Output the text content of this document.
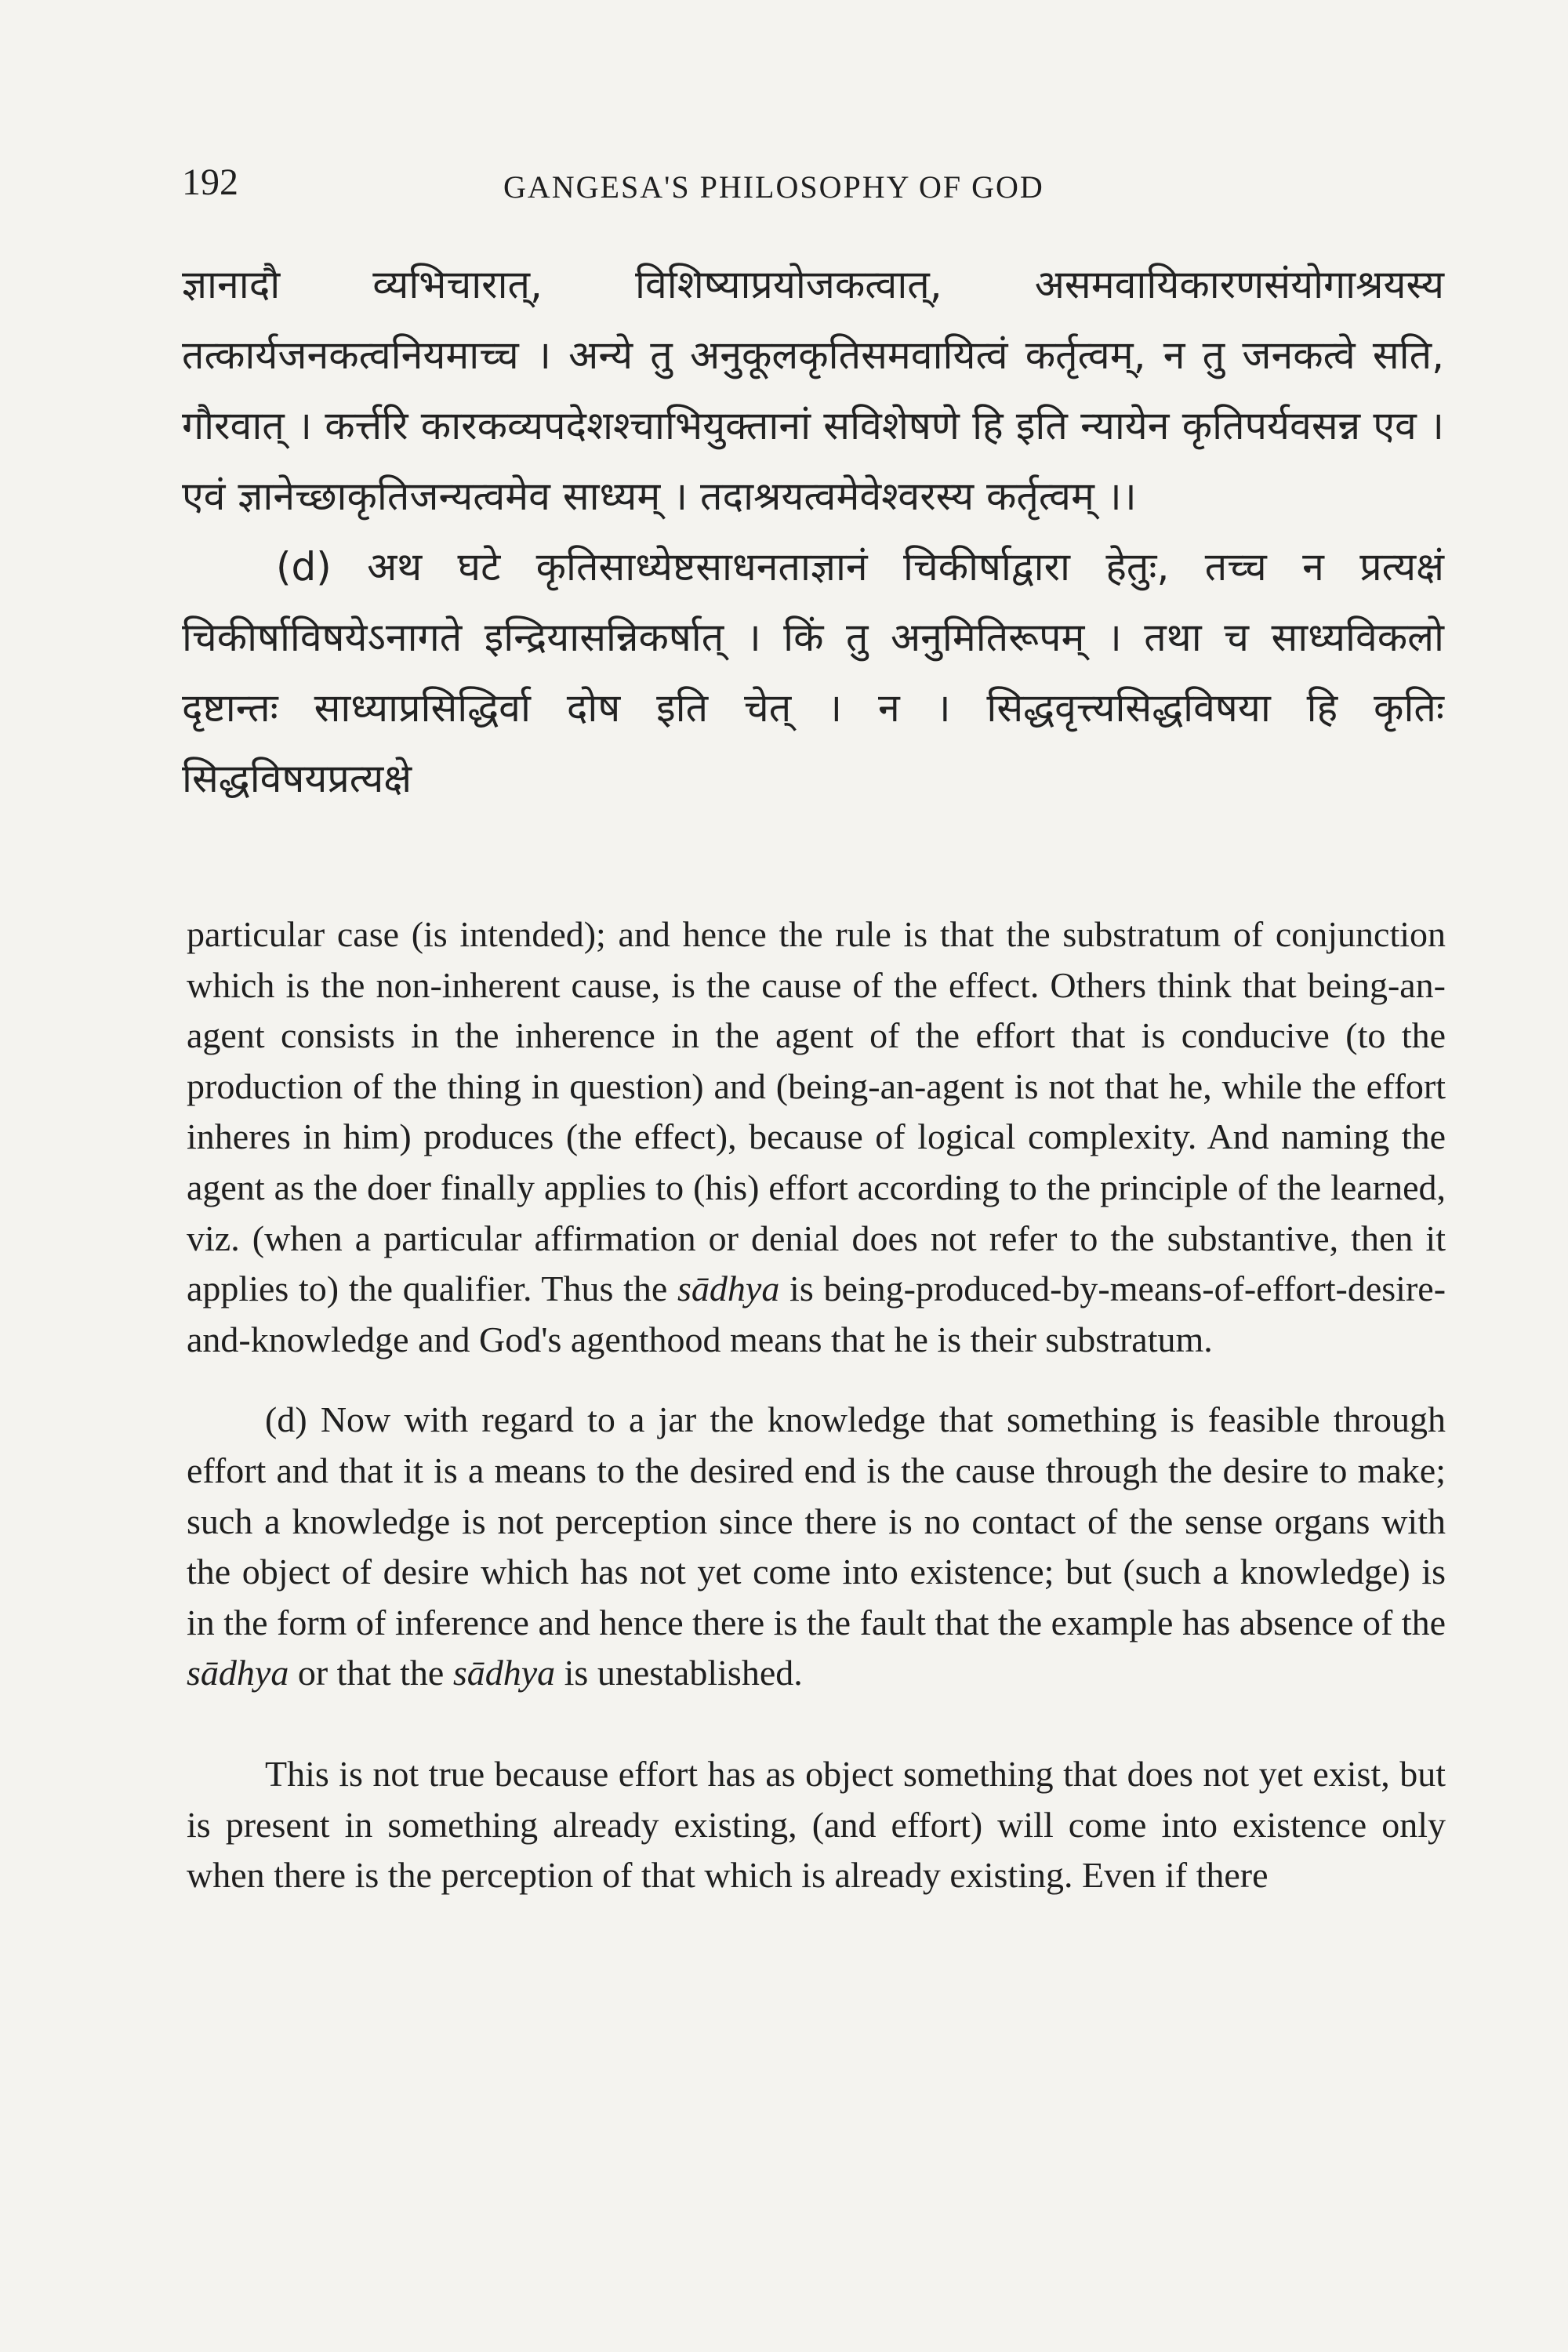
192	GANGESA'S PHILOSOPHY OF GOD

ज्ञानादौ व्यभिचारात्, विशिष्याप्रयोजकत्वात्, असमवायिकारणसंयोगाश्रयस्य तत्कार्यजनकत्वनियमाच्च । अन्ये तु अनुकूलकृतिसमवायित्वं कर्तृत्वम्, न तु जनकत्वे सति, गौरवात् । कर्त्तरि कारकव्यपदेशश्चाभियुक्तानां सविशेषणे हि इति न्यायेन कृतिपर्यवसन्न एव । एवं ज्ञानेच्छाकृतिजन्यत्वमेव साध्यम् । तदाश्रयत्वमेवेश्वरस्य कर्तृत्वम् ।।

(d) अथ घटे कृतिसाध्येष्टसाधनताज्ञानं चिकीर्षाद्वारा हेतुः, तच्च न प्रत्यक्षं चिकीर्षाविषयेऽनागते इन्द्रियासन्निकर्षात् । किं तु अनुमितिरूपम् । तथा च साध्यविकलो दृष्टान्तः साध्याप्रसिद्धिर्वा दोष इति चेत् । न । सिद्धवृत्त्यसिद्धविषया हि कृतिः सिद्धविषयप्रत्यक्षे

particular case (is intended); and hence the rule is that the substratum of conjunction which is the non-inherent cause, is the cause of the effect. Others think that being-an-agent consists in the inherence in the agent of the effort that is conducive (to the production of the thing in question) and (being-an-agent is not that he, while the effort inheres in him) produces (the effect), because of logical complexity. And naming the agent as the doer finally applies to (his) effort according to the principle of the learned, viz. (when a particular affirmation or denial does not refer to the substantive, then it applies to) the qualifier. Thus the sādhya is being-produced-by-means-of-effort-desire-and-knowledge and God's agenthood means that he is their substratum.

(d) Now with regard to a jar the knowledge that something is feasible through effort and that it is a means to the desired end is the cause through the desire to make; such a knowledge is not perception since there is no contact of the sense organs with the object of desire which has not yet come into existence; but (such a knowledge) is in the form of inference and hence there is the fault that the example has absence of the sādhya or that the sādhya is unestablished.

This is not true because effort has as object something that does not yet exist, but is present in something already existing, (and effort) will come into existence only when there is the perception of that which is already existing. Even if there
